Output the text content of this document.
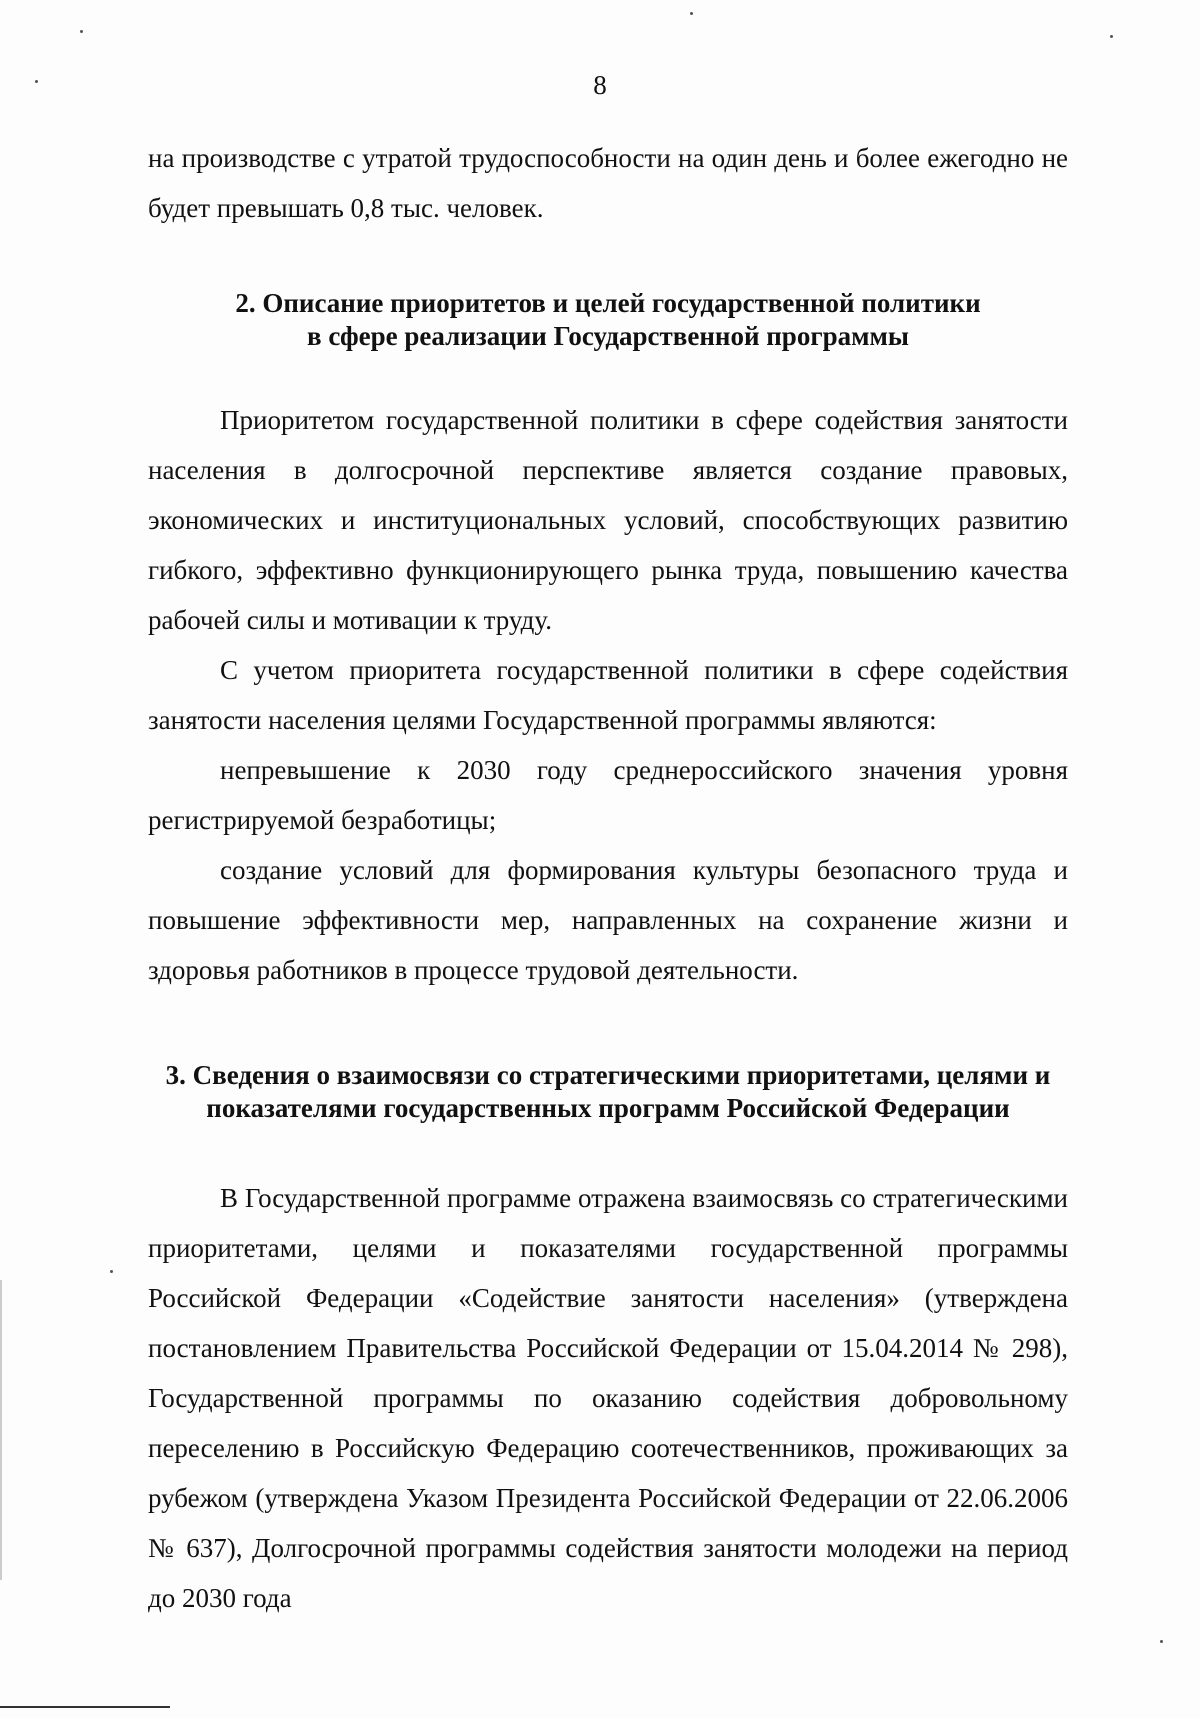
8

на производстве с утратой трудоспособности на один день и более ежегодно не будет превышать 0,8 тыс. человек.

2. Описание приоритетов и целей государственной политики
в сфере реализации Государственной программы

Приоритетом государственной политики в сфере содействия занятости населения в долгосрочной перспективе является создание правовых, экономических и институциональных условий, способствующих развитию гибкого, эффективно функционирующего рынка труда, повышению качества рабочей силы и мотивации к труду.

С учетом приоритета государственной политики в сфере содействия занятости населения целями Государственной программы являются:

непревышение к 2030 году среднероссийского значения уровня регистрируемой безработицы;

создание условий для формирования культуры безопасного труда и повышение эффективности мер, направленных на сохранение жизни и здоровья работников в процессе трудовой деятельности.

3. Сведения о взаимосвязи со стратегическими приоритетами, целями и
показателями государственных программ Российской Федерации

В Государственной программе отражена взаимосвязь со стратегическими приоритетами, целями и показателями государственной программы Российской Федерации «Содействие занятости населения» (утверждена постановлением Правительства Российской Федерации от 15.04.2014 № 298), Государственной программы по оказанию содействия добровольному переселению в Российскую Федерацию соотечественников, проживающих за рубежом (утверждена Указом Президента Российской Федерации от 22.06.2006 № 637), Долгосрочной программы содействия занятости молодежи на период до 2030 года
